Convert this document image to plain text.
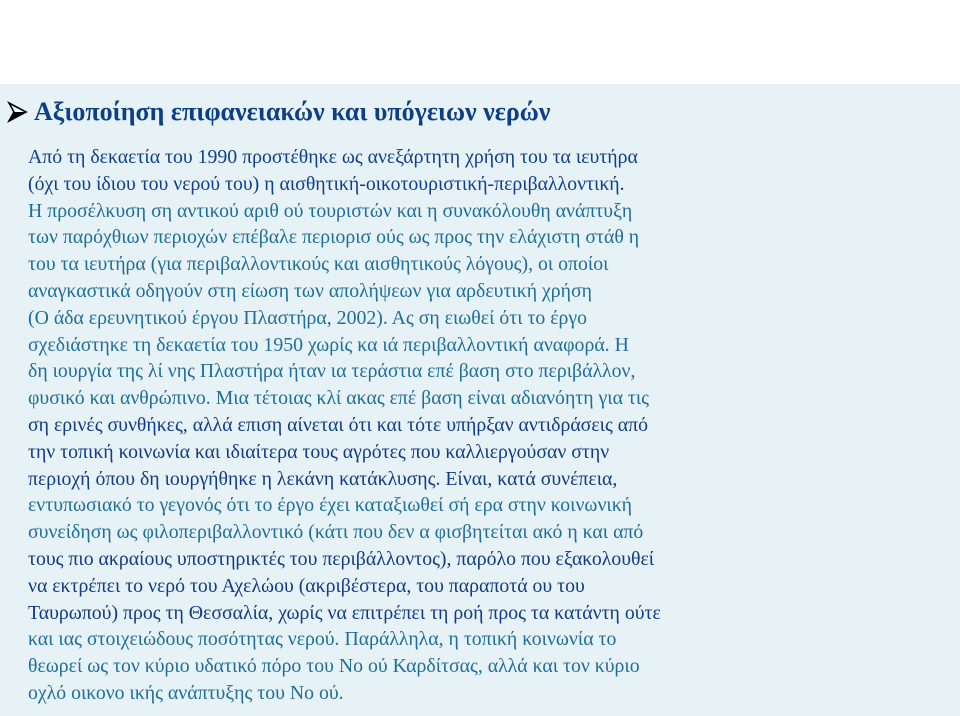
Αξιοποίηση επιφανειακών και υπόγειων νερών
Από τη δεκαετία του 1990 προστέθηκε ως ανεξάρτητη χρήση του τα ιευτήρα
(όχι του ίδιου του νερού του) η αισθητική-οικοτουριστική-περιβαλλοντική.
Η προσέλκυση ση αντικού αριθ ού τουριστών και η συνακόλουθη ανάπτυξη
των παρόχθιων περιοχών επέβαλε περιορισ ούς ως προς την ελάχιστη στάθ η
του τα ιευτήρα (για περιβαλλοντικούς και αισθητικούς λόγους), οι οποίοι
αναγκαστικά οδηγούν στη είωση των απολήψεων για αρδευτική χρήση
(Ο άδα ερευνητικού έργου Πλαστήρα, 2002). Ας ση ειωθεί ότι το έργο
σχεδιάστηκε τη δεκαετία του 1950 χωρίς κα ιά περιβαλλοντική αναφορά. Η
δη ιουργία της λί νης Πλαστήρα ήταν ια τεράστια επέ βαση στο περιβάλλον,
φυσικό και ανθρώπινο. Μια τέτοιας κλί ακας επέ βαση είναι αδιανόητη για τις
ση ερινές συνθήκες, αλλά επιση αίνεται ότι και τότε υπήρξαν αντιδράσεις από
την τοπική κοινωνία και ιδιαίτερα τους αγρότες που καλλιεργούσαν στην
περιοχή όπου δη ιουργήθηκε η λεκάνη κατάκλυσης. Είναι, κατά συνέπεια,
εντυπωσιακό το γεγονός ότι το έργο έχει καταξιωθεί σή ερα στην κοινωνική
συνείδηση ως φιλοπεριβαλλοντικό (κάτι που δεν α φισβητείται ακό η και από
τους πιο ακραίους υποστηρικτές του περιβάλλοντος), παρόλο που εξακολουθεί
να εκτρέπει το νερό του Αχελώου (ακριβέστερα, του παραποτά ου του
Ταυρωπού) προς τη Θεσσαλία, χωρίς να επιτρέπει τη ροή προς τα κατάντη ούτε
και ιας στοιχειώδους ποσότητας νερού. Παράλληλα, η τοπική κοινωνία το
θεωρεί ως τον κύριο υδατικό πόρο του Νο ού Καρδίτσας, αλλά και τον κύριο
οχλό οικονο ικής ανάπτυξης του Νο ού.
